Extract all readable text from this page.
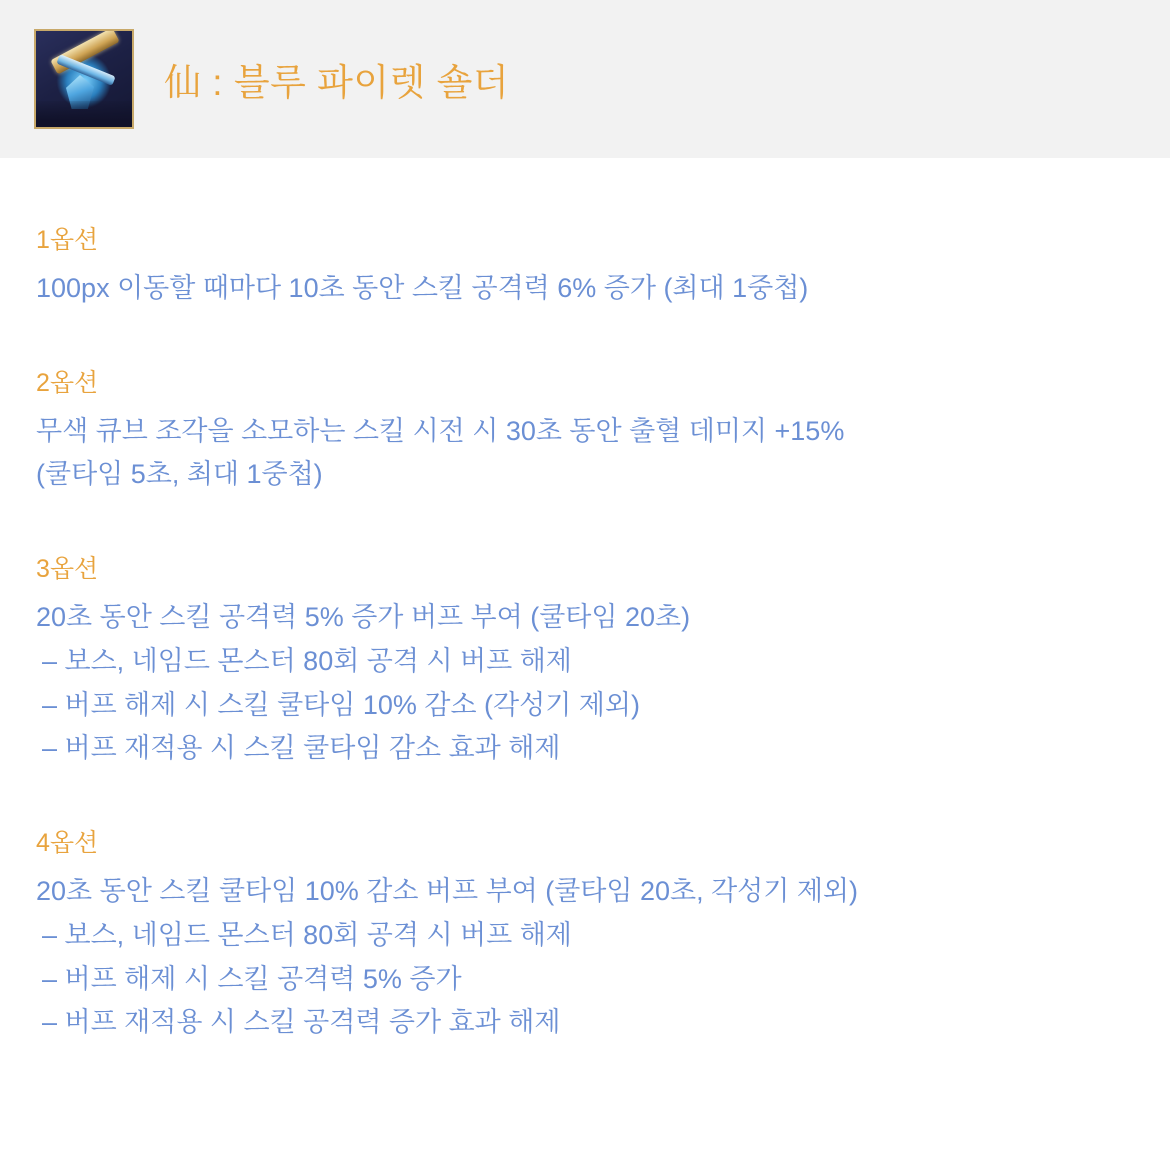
仙 : 블루 파이렛 숄더
1옵션
100px 이동할 때마다 10초 동안 스킬 공격력 6% 증가 (최대 1중첩)
2옵션
무색 큐브 조각을 소모하는 스킬 시전 시 30초 동안 출혈 데미지 +15%
(쿨타임 5초, 최대 1중첩)
3옵션
20초 동안 스킬 공격력 5% 증가 버프 부여 (쿨타임 20초)
– 보스, 네임드 몬스터 80회 공격 시 버프 해제
– 버프 해제 시 스킬 쿨타임 10% 감소 (각성기 제외)
– 버프 재적용 시 스킬 쿨타임 감소 효과 해제
4옵션
20초 동안 스킬 쿨타임 10% 감소 버프 부여 (쿨타임 20초, 각성기 제외)
– 보스, 네임드 몬스터 80회 공격 시 버프 해제
– 버프 해제 시 스킬 공격력 5% 증가
– 버프 재적용 시 스킬 공격력 증가 효과 해제
